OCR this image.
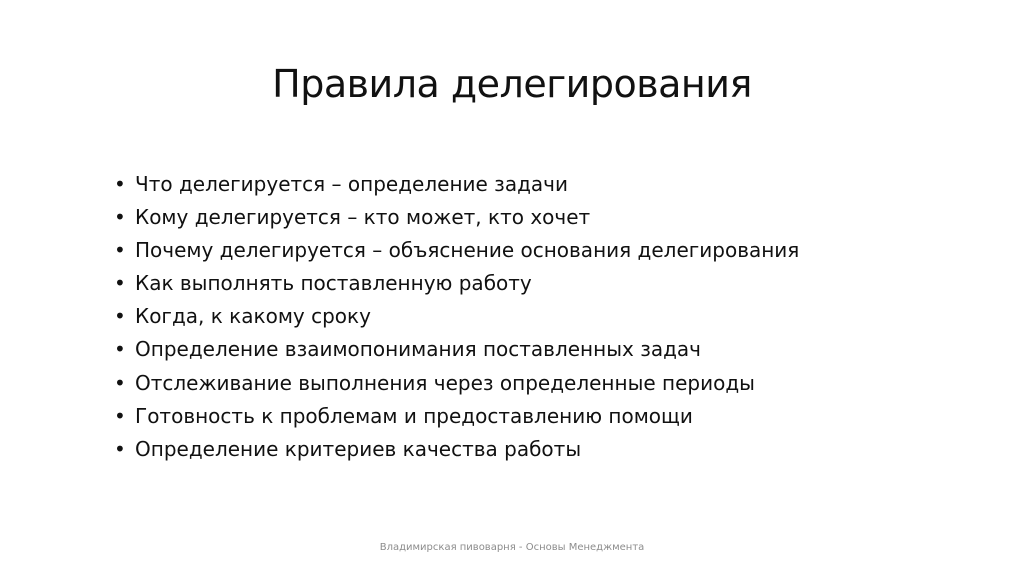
Правила делегирования
• Что делегируется – определение задачи
• Кому делегируется – кто может, кто хочет
• Почему делегируется – объяснение основания делегирования
• Как выполнять поставленную работу
• Когда, к какому сроку
• Определение взаимопонимания поставленных задач
• Отслеживание выполнения через определенные периоды
• Готовность к проблемам и предоставлению помощи
• Определение критериев качества работы
Владимирская пивоварня - Основы Менеджмента
